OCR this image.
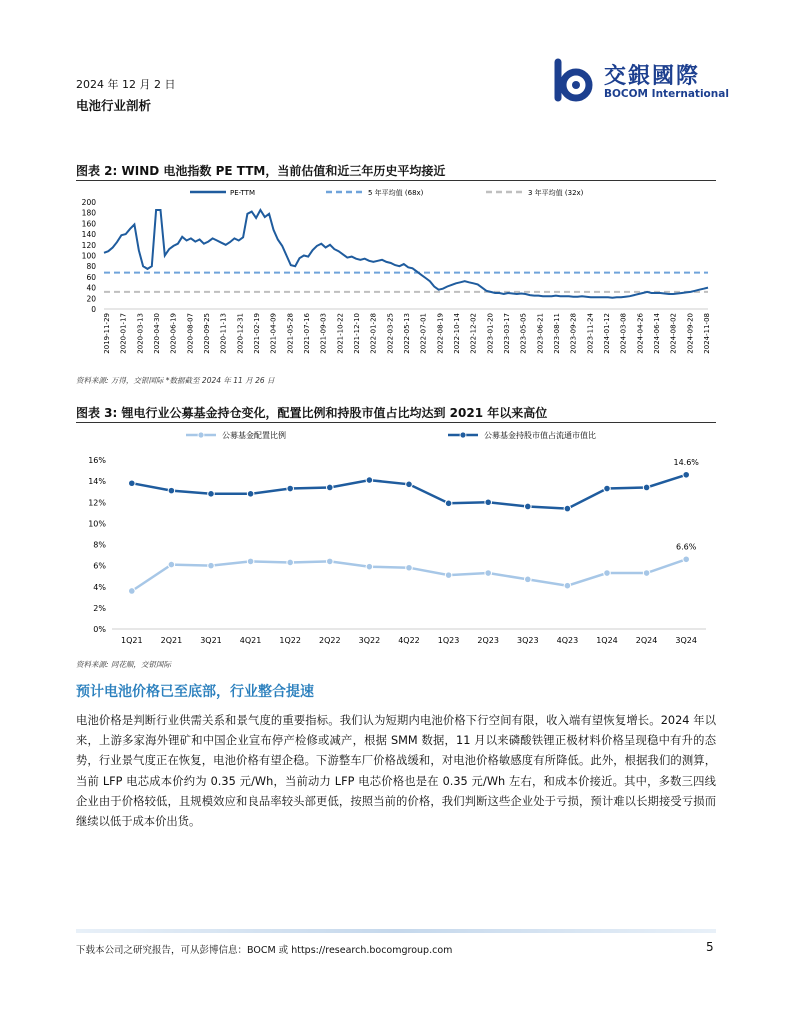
2024 年 12 月 2 日
电池行业剖析
交銀國際
BOCOM International
图表 2: WIND 电池指数 PE TTM，当前估值和近三年历史平均接近
PE-TTM	5 年平均值 (68x)	3 年平均值 (32x)
0
20
40
60
80
100
120
140
160
180
200
2019-11-29 2020-01-17 2020-03-13 2020-04-30 2020-06-19 2020-08-07 2020-09-25 2020-11-13 2020-12-31 2021-02-19 2021-04-09 2021-05-28 2021-07-16 2021-09-03 2021-10-22 2021-12-10 2022-01-28 2022-03-25 2022-05-13 2022-07-01 2022-08-19 2022-10-14 2022-12-02 2023-01-20 2023-03-17 2023-05-05 2023-06-21 2023-08-11 2023-09-28 2023-11-24 2024-01-12 2024-03-08 2024-04-26 2024-06-14 2024-08-02 2024-09-20 2024-11-08
资料来源: 万得，交银国际 *数据截至 2024 年 11 月 26 日
图表 3: 锂电行业公募基金持仓变化，配置比例和持股市值占比均达到 2021 年以来高位
公募基金配置比例	公募基金持股市值占流通市值比
0%
2%
4%
6%
8%
10%
12%
14%
16%
1Q21 2Q21 3Q21 4Q21 1Q22 2Q22 3Q22 4Q22 1Q23 2Q23 3Q23 4Q23 1Q24 2Q24 3Q24
14.6%
6.6%
资料来源: 同花顺，交银国际
预计电池价格已至底部，行业整合提速
电池价格是判断行业供需关系和景气度的重要指标。我们认为短期内电池价格下行空间有限，收入端有望恢复增长。2024 年以来，上游多家海外锂矿和中国企业宣布停产检修或减产，根据 SMM 数据，11 月以来磷酸铁锂正极材料价格呈现稳中有升的态势，行业景气度正在恢复，电池价格有望企稳。下游整车厂价格战缓和，对电池价格敏感度有所降低。此外，根据我们的测算，当前 LFP 电芯成本价约为 0.35 元/Wh，当前动力 LFP 电芯价格也是在 0.35 元/Wh 左右，和成本价接近。其中，多数三四线企业由于价格较低，且规模效应和良品率较头部更低，按照当前的价格，我们判断这些企业处于亏损，预计难以长期接受亏损而继续以低于成本价出货。
下载本公司之研究报告，可从彭博信息：BOCM 或 https://research.bocomgroup.com	5
